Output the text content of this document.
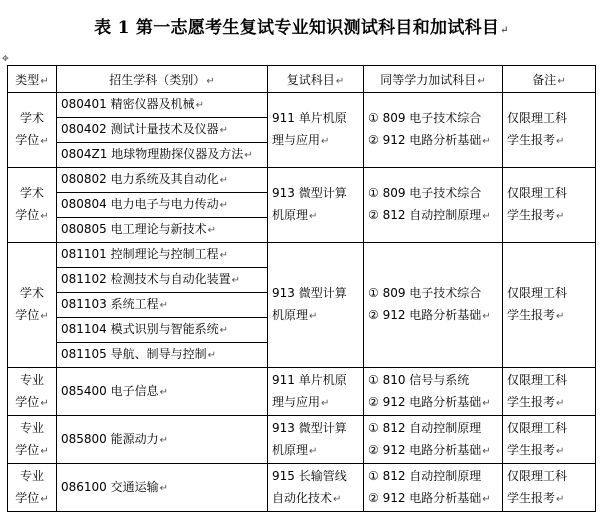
表 1 第一志愿考生复试专业知识测试科目和加试科目↵
✥
类型↵	招生学科（类别）↵	复试科目↵	同等学力加试科目↵	备注↵

学术
学位↵	080401 精密仪器及机械↵	911 单片机原
理与应用↵	① 809 电子技术综合
② 912 电路分析基础↵	仅限理工科
学生报考↵

	080402 测试计量技术及仪器↵			
	0804Z1 地球物理勘探仪器及方法↵			

学术
学位↵	080802 电力系统及其自动化↵	913 微型计算
机原理↵	① 809 电子技术综合
② 812 自动控制原理↵	仅限理工科
学生报考↵

	080804 电力电子与电力传动↵			
	080805 电工理论与新技术↵			

学术
学位↵	081101 控制理论与控制工程↵	913 微型计算
机原理↵	① 809 电子技术综合
② 912 电路分析基础↵	仅限理工科
学生报考↵

	081102 检测技术与自动化装置↵			
	081103 系统工程↵			
	081104 模式识别与智能系统↵			
	081105 导航、制导与控制↵			

专业
学位↵	085400 电子信息↵	911 单片机原
理与应用↵	① 810 信号与系统
② 912 电路分析基础↵	仅限理工科
学生报考↵

专业
学位↵	085800 能源动力↵	913 微型计算
机原理↵	① 812 自动控制原理
② 912 电路分析基础↵	仅限理工科
学生报考↵

专业
学位↵	086100 交通运输↵	915 长输管线
自动化技术↵	① 812 自动控制原理
② 912 电路分析基础↵	仅限理工科
学生报考↵
